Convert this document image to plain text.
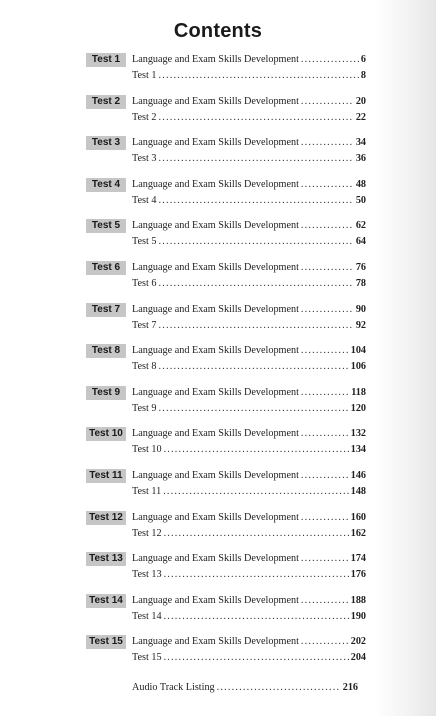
Contents
Test 1	Language and Exam Skills Development .....	6
Test 1 .....	8
Test 2	Language and Exam Skills Development .....	20
Test 2 .....	22
Test 3	Language and Exam Skills Development .....	34
Test 3 .....	36
Test 4	Language and Exam Skills Development .....	48
Test 4 .....	50
Test 5	Language and Exam Skills Development .....	62
Test 5 .....	64
Test 6	Language and Exam Skills Development .....	76
Test 6 .....	78
Test 7	Language and Exam Skills Development .....	90
Test 7 .....	92
Test 8	Language and Exam Skills Development .....	104
Test 8 .....	106
Test 9	Language and Exam Skills Development .....	118
Test 9 .....	120
Test 10 Language and Exam Skills Development .....	132
Test 10 .....	134
Test 11 Language and Exam Skills Development .....	146
Test 11 .....	148
Test 12 Language and Exam Skills Development .....	160
Test 12 .....	162
Test 13 Language and Exam Skills Development .....	174
Test 13 .....	176
Test 14 Language and Exam Skills Development .....	188
Test 14 .....	190
Test 15 Language and Exam Skills Development .....	202
Test 15 .....	204
Audio Track Listing .....	216
